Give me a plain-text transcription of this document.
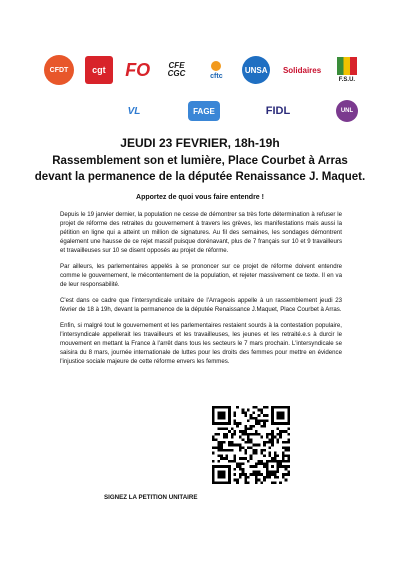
CFDT	cgt	FO	CFE CGC	cftc
UNSA	Solidaires
F.S.U.
VL	FAGE	FIDL	UNL
JEUDI 23 FEVRIER, 18h-19h
Rassemblement son et lumière, Place Courbet à Arras
devant la permanence de la députée Renaissance J. Maquet.
Apportez de quoi vous faire entendre !

Depuis le 19 janvier dernier, la population ne cesse de démontrer sa très forte détermination à refuser le projet de réforme des retraites du gouvernement à travers les grèves, les manifestations mais aussi la pétition en ligne qui a atteint un million de signatures. Au fil des semaines, les sondages démontrent également une hausse de ce rejet massif puisque dorénavant, plus de 7 français sur 10 et 9 travailleurs et travailleuses sur 10 se disent opposés au projet de réforme.

Par ailleurs, les parlementaires appelés à se prononcer sur ce projet de réforme doivent entendre comme le gouvernement, le mécontentement de la population, et rejeter massivement ce texte. Il en va de leur responsabilité.

C'est dans ce cadre que l'intersyndicale unitaire de l'Arrageois appelle à un rassemblement jeudi 23 février de 18 à 19h, devant la permanence de la députée Renaissance J.Maquet, Place Courbet à Arras.

Enfin, si malgré tout le gouvernement et les parlementaires restaient sourds à la contestation populaire, l'intersyndicale appellerait les travailleurs et les travailleuses, les jeunes et les retraité.e.s à durcir le mouvement en mettant la France à l'arrêt dans tous les secteurs le 7 mars prochain. L'intersyndicale se saisira du 8 mars, journée internationale de luttes pour les droits des femmes pour mettre en évidence l'injustice sociale majeure de cette réforme envers les femmes.

SIGNEZ LA PETITION UNITAIRE
